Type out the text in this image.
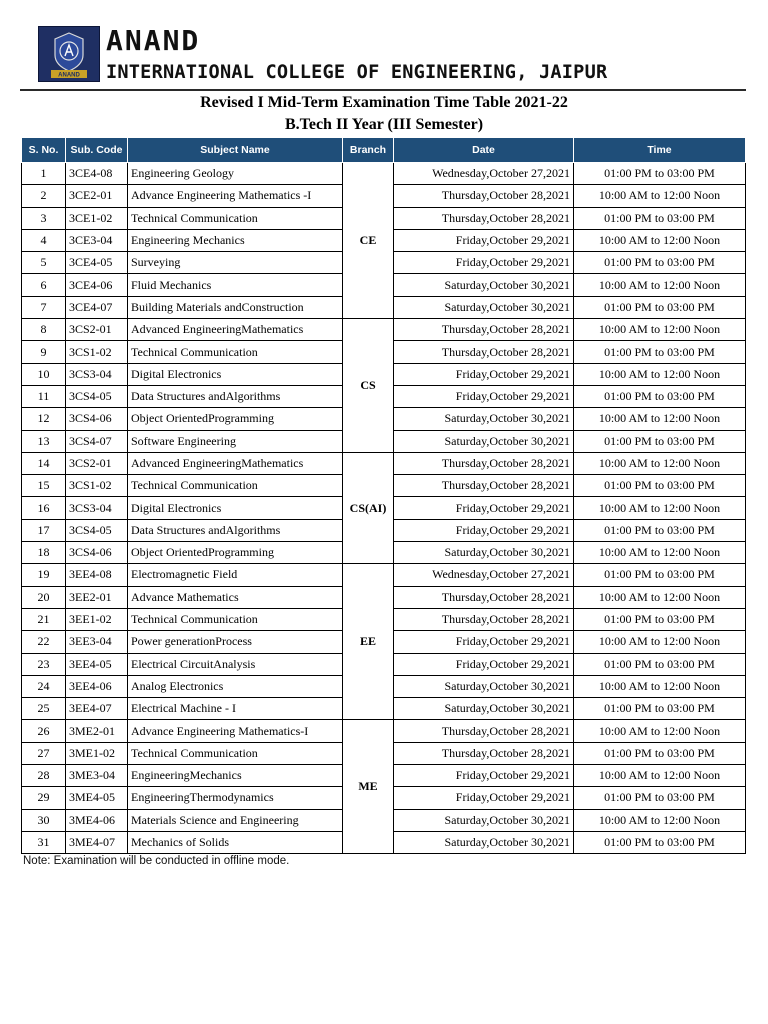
ANAND
ANAND
INTERNATIONAL COLLEGE OF ENGINEERING, JAIPUR
Revised I Mid-Term Examination Time Table 2021-22
B.Tech II Year (III Semester)
S. No.	Sub. Code	Subject Name	Branch	Date	Time
1	3CE4-08	Engineering Geology	CE	Wednesday,October 27,2021	01:00 PM to 03:00 PM
2	3CE2-01	Advance Engineering Mathematics -I		Thursday,October 28,2021	10:00 AM to 12:00 Noon
3	3CE1-02	Technical Communication		Thursday,October 28,2021	01:00 PM to 03:00 PM
4	3CE3-04	Engineering Mechanics		Friday,October 29,2021	10:00 AM to 12:00 Noon
5	3CE4-05	Surveying		Friday,October 29,2021	01:00 PM to 03:00 PM
6	3CE4-06	Fluid Mechanics		Saturday,October 30,2021	10:00 AM to 12:00 Noon
7	3CE4-07	Building Materials andConstruction		Saturday,October 30,2021	01:00 PM to 03:00 PM
8	3CS2-01	Advanced EngineeringMathematics	CS	Thursday,October 28,2021	10:00 AM to 12:00 Noon
9	3CS1-02	Technical Communication		Thursday,October 28,2021	01:00 PM to 03:00 PM
10	3CS3-04	Digital Electronics		Friday,October 29,2021	10:00 AM to 12:00 Noon
11	3CS4-05	Data Structures andAlgorithms		Friday,October 29,2021	01:00 PM to 03:00 PM
12	3CS4-06	Object OrientedProgramming		Saturday,October 30,2021	10:00 AM to 12:00 Noon
13	3CS4-07	Software Engineering		Saturday,October 30,2021	01:00 PM to 03:00 PM
14	3CS2-01	Advanced EngineeringMathematics	CS(AI)	Thursday,October 28,2021	10:00 AM to 12:00 Noon
15	3CS1-02	Technical Communication		Thursday,October 28,2021	01:00 PM to 03:00 PM
16	3CS3-04	Digital Electronics		Friday,October 29,2021	10:00 AM to 12:00 Noon
17	3CS4-05	Data Structures andAlgorithms		Friday,October 29,2021	01:00 PM to 03:00 PM
18	3CS4-06	Object OrientedProgramming		Saturday,October 30,2021	10:00 AM to 12:00 Noon
19	3EE4-08	Electromagnetic Field	EE	Wednesday,October 27,2021	01:00 PM to 03:00 PM
20	3EE2-01	Advance Mathematics		Thursday,October 28,2021	10:00 AM to 12:00 Noon
21	3EE1-02	Technical Communication		Thursday,October 28,2021	01:00 PM to 03:00 PM
22	3EE3-04	Power generationProcess		Friday,October 29,2021	10:00 AM to 12:00 Noon
23	3EE4-05	Electrical CircuitAnalysis		Friday,October 29,2021	01:00 PM to 03:00 PM
24	3EE4-06	Analog Electronics		Saturday,October 30,2021	10:00 AM to 12:00 Noon
25	3EE4-07	Electrical Machine - I		Saturday,October 30,2021	01:00 PM to 03:00 PM
26	3ME2-01	Advance Engineering Mathematics-I	ME	Thursday,October 28,2021	10:00 AM to 12:00 Noon
27	3ME1-02	Technical Communication		Thursday,October 28,2021	01:00 PM to 03:00 PM
28	3ME3-04	EngineeringMechanics		Friday,October 29,2021	10:00 AM to 12:00 Noon
29	3ME4-05	EngineeringThermodynamics		Friday,October 29,2021	01:00 PM to 03:00 PM
30	3ME4-06	Materials Science and Engineering		Saturday,October 30,2021	10:00 AM to 12:00 Noon
31	3ME4-07	Mechanics of Solids		Saturday,October 30,2021	01:00 PM to 03:00 PM
Note: Examination will be conducted in offline mode.
